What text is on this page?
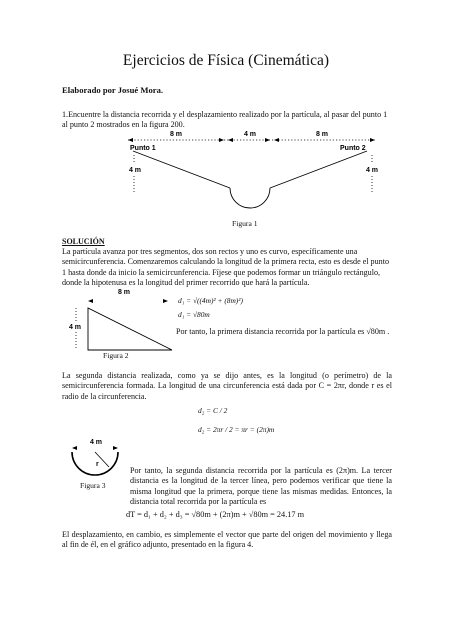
Ejercicios de Física (Cinemática)
Elaborado por Josué Mora.
1.Encuentre la distancia recorrida y el desplazamiento realizado por la partícula, al pasar del punto 1 al punto 2 mostrados en la figura 200.
8 m	4 m	8 m
Punto 1	Punto 2
4 m	4 m
Figura 1
SOLUCIÓN
La partícula avanza por tres segmentos, dos son rectos y uno es curvo, específicamente una semicircunferencia. Comenzaremos calculando la longitud de la primera recta, esto es desde el punto 1 hasta donde da inicio la semicircunferencia. Fíjese que podemos formar un triángulo rectángulo, donde la hipotenusa es la longitud del primer recorrido que hará la partícula.
8 m
4 m
Figura 2
d₁ = √((4m)² + (8m)²)
d₁ = √80m
Por tanto, la primera distancia recorrida por la partícula es √80m .
La segunda distancia realizada, como ya se dijo antes, es la longitud (o perímetro) de la semicircunferencia formada. La longitud de una circunferencia está dada por C = 2πr, donde r es el radio de la circunferencia.
d₂ = C / 2
d₂ = 2πr / 2 = πr = (2π)m
4 m
r
Figura 3
Por tanto, la segunda distancia recorrida por la partícula es (2π)m. La tercer distancia es la longitud de la tercer línea, pero podemos verificar que tiene la misma longitud que la primera, porque tiene las mismas medidas. Entonces, la distancia total recorrida por la partícula es
dT = d₁ + d₂ + d₃ = √80m + (2π)m + √80m = 24.17 m
El desplazamiento, en cambio, es simplemente el vector que parte del origen del movimiento y llega al fin de él, en el gráfico adjunto, presentado en la figura 4.
